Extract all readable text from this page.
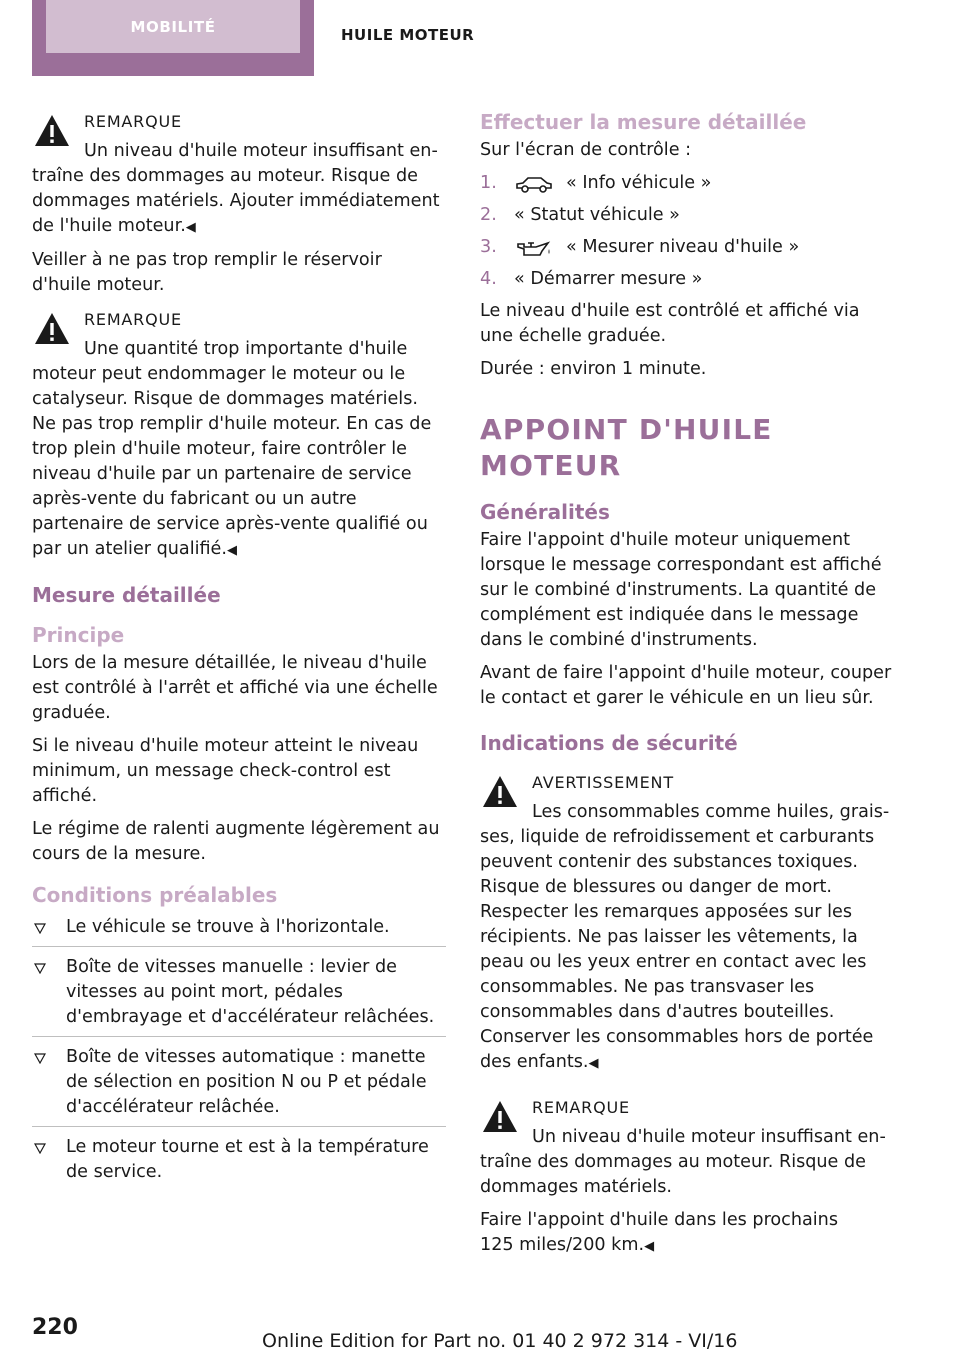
MOBILITÉ	HUILE MOTEUR
REMARQUE
Un niveau d'huile moteur insuffisant entraîne des dommages au moteur. Risque de dommages matériels. Ajouter immédiatement de l'huile moteur.◀

Veiller à ne pas trop remplir le réservoir d'huile moteur.

REMARQUE
Une quantité trop importante d'huile moteur peut endommager le moteur ou le catalyseur. Risque de dommages matériels. Ne pas trop remplir d'huile moteur. En cas de trop plein d'huile moteur, faire contrôler le niveau d'huile par un partenaire de service après-vente du fabricant ou un autre partenaire de service après-vente qualifié ou par un atelier qualifié.◀
Mesure détaillée
Principe

Lors de la mesure détaillée, le niveau d'huile est contrôlé à l'arrêt et affiché via une échelle graduée.

Si le niveau d'huile moteur atteint le niveau minimum, un message check-control est affiché.

Le régime de ralenti augmente légèrement au cours de la mesure.

Conditions préalables
Le véhicule se trouve à l'horizontale.
Boîte de vitesses manuelle : levier de vitesses au point mort, pédales d'embrayage et d'accélérateur relâchées.
Boîte de vitesses automatique : manette de sélection en position N ou P et pédale d'accélérateur relâchée.
Le moteur tourne et est à la température de service.
Effectuer la mesure détaillée

Sur l'écran de contrôle :

1.	« Info véhicule »
2. « Statut véhicule »
3.	« Mesurer niveau d'huile »
4. « Démarrer mesure »

Le niveau d'huile est contrôlé et affiché via une échelle graduée.

Durée : environ 1 minute.

APPOINT D'HUILE MOTEUR
Généralités

Faire l'appoint d'huile moteur uniquement lorsque le message correspondant est affiché sur le combiné d'instruments. La quantité de complément est indiquée dans le message dans le combiné d'instruments.

Avant de faire l'appoint d'huile moteur, couper le contact et garer le véhicule en un lieu sûr.

Indications de sécurité
AVERTISSEMENT
Les consommables comme huiles, graisses, liquide de refroidissement et carburants peuvent contenir des substances toxiques. Risque de blessures ou danger de mort. Respecter les remarques apposées sur les récipients. Ne pas laisser les vêtements, la peau ou les yeux entrer en contact avec les consommables. Ne pas transvaser les consommables dans d'autres bouteilles. Conserver les consommables hors de portée des enfants.◀
REMARQUE
Un niveau d'huile moteur insuffisant entraîne des dommages au moteur. Risque de dommages matériels.

Faire l'appoint d'huile dans les prochains 125 miles/200 km.◀

220
Online Edition for Part no. 01 40 2 972 314 - VI/16
